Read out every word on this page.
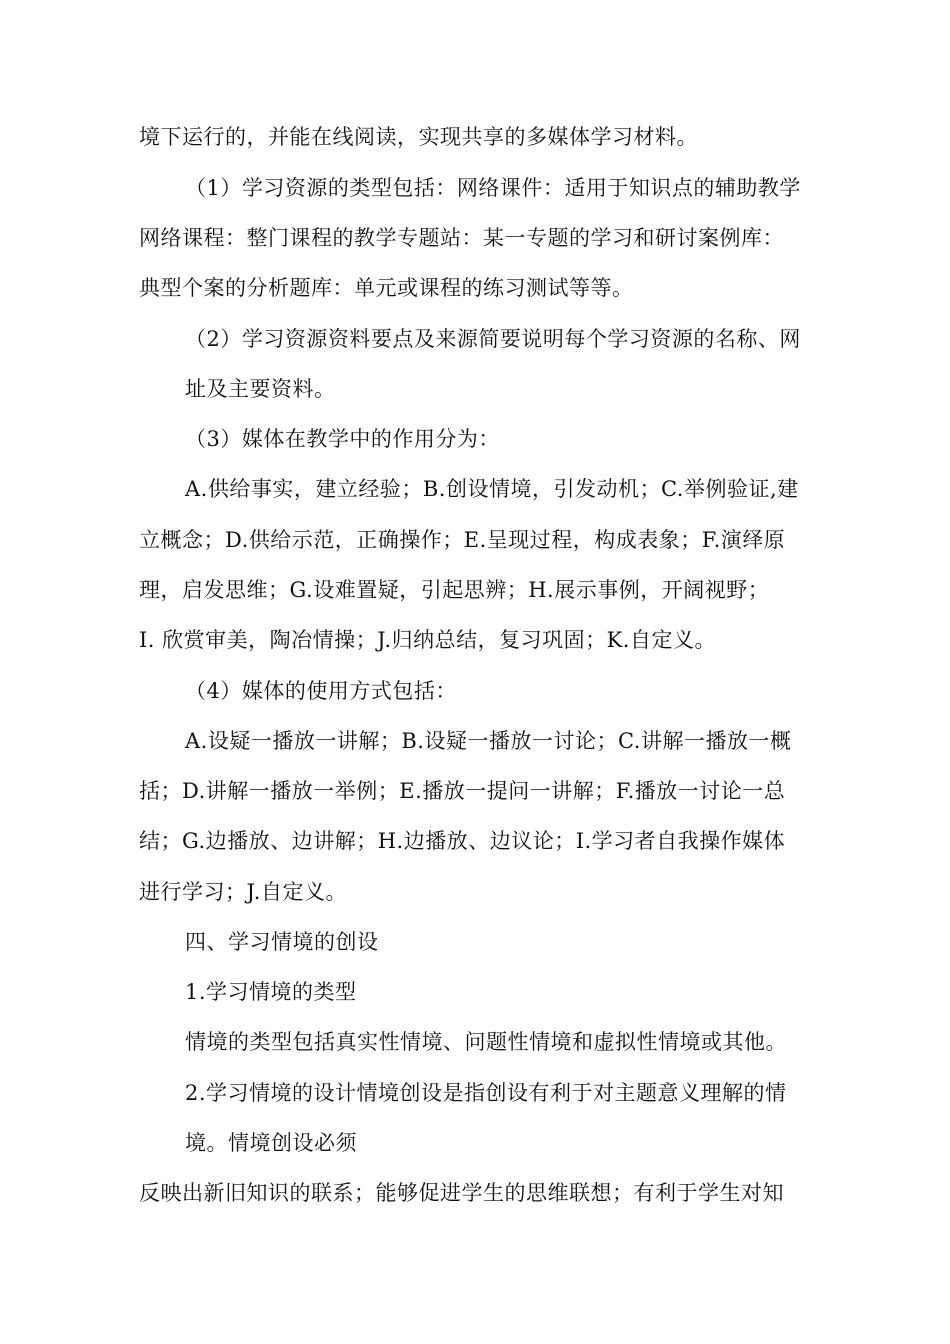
境下运行的，并能在线阅读，实现共享的多媒体学习材料。
（1）学习资源的类型包括：网络课件：适用于知识点的辅助教学
网络课程：整门课程的教学专题站：某一专题的学习和研讨案例库：
典型个案的分析题库：单元或课程的练习测试等等。
（2）学习资源资料要点及来源简要说明每个学习资源的名称、网
址及主要资料。
（3）媒体在教学中的作用分为：
A.供给事实，建立经验；B.创设情境，引发动机；C.举例验证,建
立概念；D.供给示范，正确操作；E.呈现过程，构成表象；F.演绎原
理，启发思维；G.设难置疑，引起思辨；H.展示事例，开阔视野；
I. 欣赏审美，陶冶情操；J.归纳总结，复习巩固；K.自定义。
（4）媒体的使用方式包括：
A.设疑一播放一讲解；B.设疑一播放一讨论；C.讲解一播放一概
括；D.讲解一播放一举例；E.播放一提问一讲解；F.播放一讨论一总
结；G.边播放、边讲解；H.边播放、边议论；I.学习者自我操作媒体
进行学习；J.自定义。
四、学习情境的创设
1.学习情境的类型
情境的类型包括真实性情境、问题性情境和虚拟性情境或其他。
2.学习情境的设计情境创设是指创设有利于对主题意义理解的情
境。情境创设必须
反映出新旧知识的联系；能够促进学生的思维联想；有利于学生对知
